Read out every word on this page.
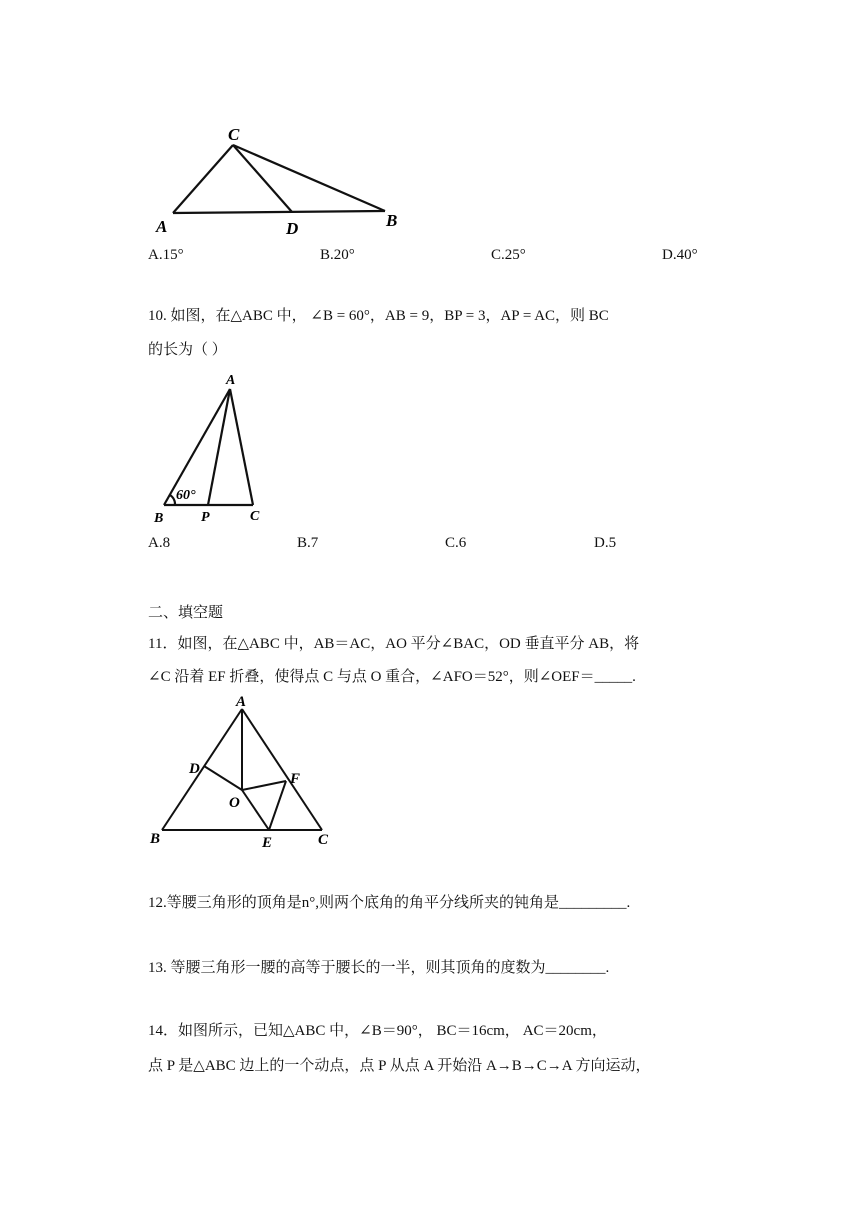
C
A	D	B
A.15°	B.20°	C.25°	D.40°
10. 如图，在△ABC 中， ∠B = 60°，AB = 9，BP = 3，AP = AC，则 BC
的长为（ ）
A
60°
B	P	C
A.8	B.7	C.6	D.5
二、填空题
11．如图，在△ABC 中，AB＝AC，AO 平分∠BAC，OD 垂直平分 AB，将
∠C 沿着 EF 折叠，使得点 C 与点 O 重合，∠AFO＝52°，则∠OEF＝_____.
A
D
F
O
B	E	C
12.等腰三角形的顶角是n°,则两个底角的角平分线所夹的钝角是_________.
13. 等腰三角形一腰的高等于腰长的一半，则其顶角的度数为________.
14．如图所示，已知△ABC 中，∠B＝90°， BC＝16cm， AC＝20cm，
点 P 是△ABC 边上的一个动点，点 P 从点 A 开始沿 A→B→C→A 方向运动，
